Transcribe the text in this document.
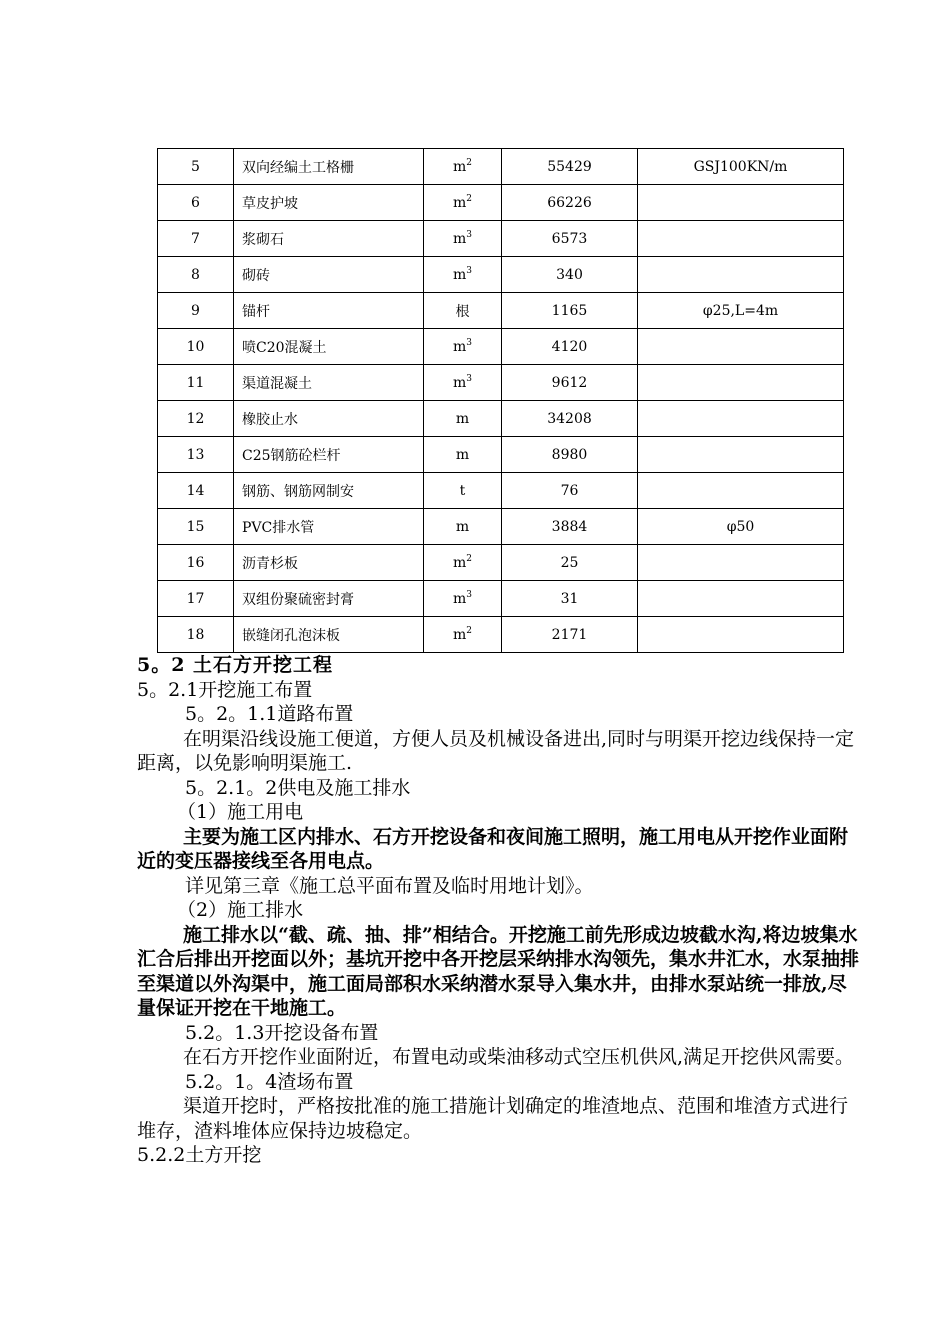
5	双向经编土工格栅	$m^2$	55429	GSJ100KN/m
6	草皮护坡	$m^2$	66226	
7	浆砌石	$m^3$	6573	
8	砌砖	$m^3$	340	
9	锚杆	根	1165	φ25,L=4m
10	喷C20混凝土	$m^3$	4120	
11	渠道混凝土	$m^3$	9612	
12	橡胶止水	m	34208	
13	C25钢筋砼栏杆	m	8980	
14	钢筋、钢筋网制安	t	76	
15	PVC排水管	m	3884	φ50
16	沥青杉板	$m^2$	25	
17	双组份聚硫密封膏	$m^3$	31	
18	嵌缝闭孔泡沫板	$m^2$	2171	

5。2 土石方开挖工程

5。2.1开挖施工布置

5。2。1.1道路布置

在明渠沿线设施工便道，方便人员及机械设备进出,同时与明渠开挖边线保持一定距离，以免影响明渠施工.

5。2.1。2供电及施工排水

（1）施工用电

主要为施工区内排水、石方开挖设备和夜间施工照明，施工用电从开挖作业面附近的变压器接线至各用电点。

详见第三章《施工总平面布置及临时用地计划》。

（2）施工排水

施工排水以“截、疏、抽、排”相结合。开挖施工前先形成边坡截水沟,将边坡集水汇合后排出开挖面以外；基坑开挖中各开挖层采纳排水沟领先，集水井汇水，水泵抽排至渠道以外沟渠中，施工面局部积水采纳潜水泵导入集水井，由排水泵站统一排放,尽量保证开挖在干地施工。

5.2。1.3开挖设备布置

在石方开挖作业面附近，布置电动或柴油移动式空压机供风,满足开挖供风需要。

5.2。1。4渣场布置

渠道开挖时，严格按批准的施工措施计划确定的堆渣地点、范围和堆渣方式进行堆存，渣料堆体应保持边坡稳定。

5.2.2土方开挖
